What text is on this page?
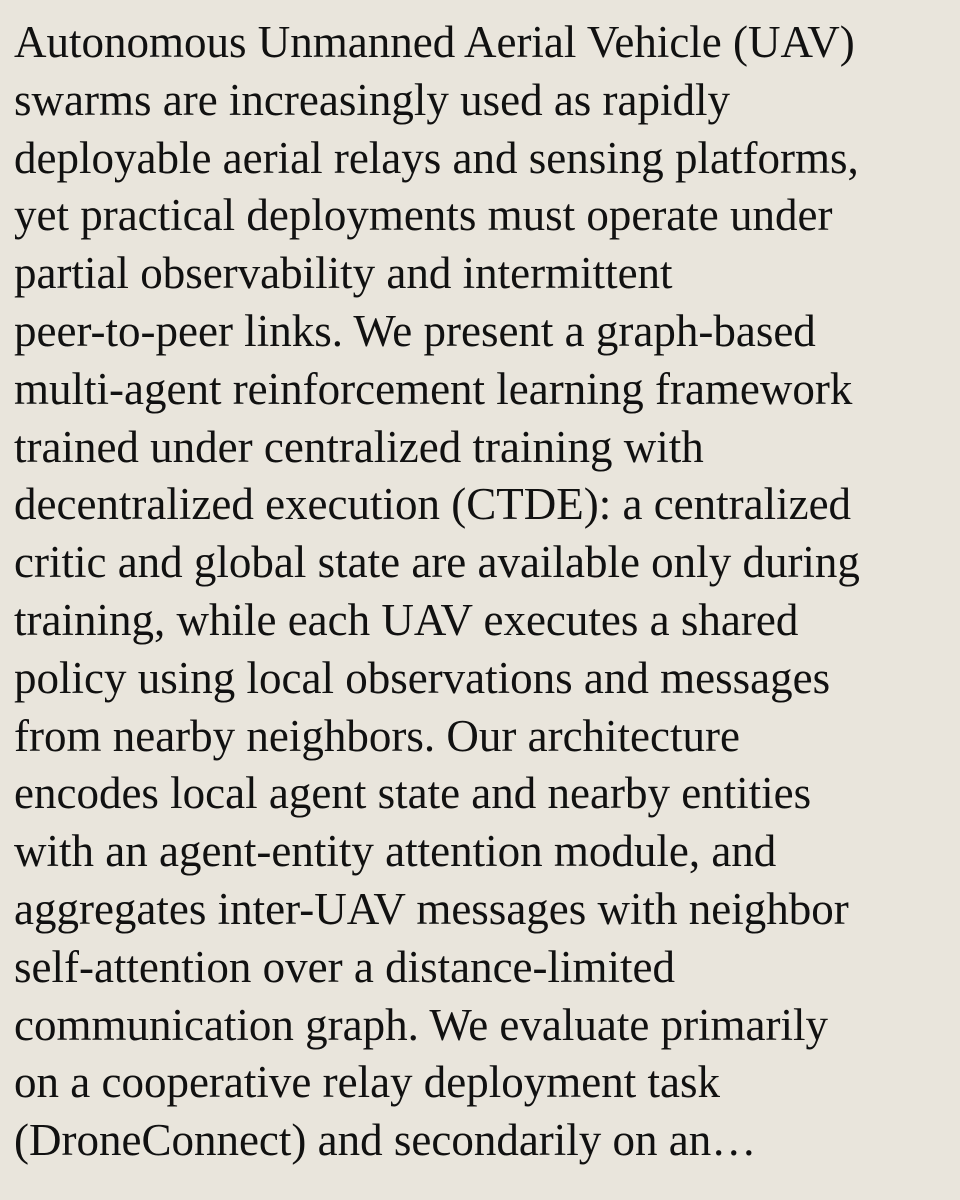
Autonomous Unmanned Aerial Vehicle (UAV)
swarms are increasingly used as rapidly
deployable aerial relays and sensing platforms,
yet practical deployments must operate under
partial observability and intermittent
peer-to-peer links. We present a graph-based
multi-agent reinforcement learning framework
trained under centralized training with
decentralized execution (CTDE): a centralized
critic and global state are available only during
training, while each UAV executes a shared
policy using local observations and messages
from nearby neighbors. Our architecture
encodes local agent state and nearby entities
with an agent-entity attention module, and
aggregates inter-UAV messages with neighbor
self-attention over a distance-limited
communication graph. We evaluate primarily
on a cooperative relay deployment task
(DroneConnect) and secondarily on an…
